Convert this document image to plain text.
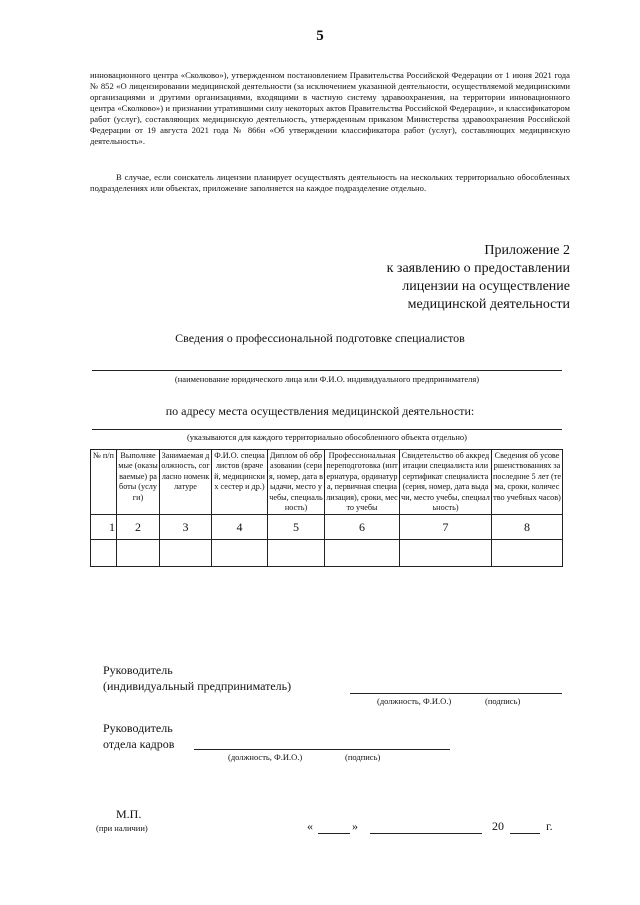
5
инновационного центра «Сколково»), утвержденном постановлением Правительства Российской Федерации от 1 июня 2021 года № 852 «О лицензировании медицинской деятельности (за исключением указанной деятельности, осуществляемой медицинскими организациями и другими организациями, входящими в частную систему здравоохранения, на территории инновационного центра «Сколково») и признании утратившими силу некоторых актов Правительства Российской Федерации», и классификатором работ (услуг), составляющих медицинскую деятельность, утвержденным приказом Министерства здравоохранения Российской Федерации от 19 августа 2021 года № 866н «Об утверждении классификатора работ (услуг), составляющих медицинскую деятельность».
В случае, если соискатель лицензии планирует осуществлять деятельность на нескольких территориально обособленных подразделениях или объектах, приложение заполняется на каждое подразделение отдельно.
Приложение 2
к заявлению о предоставлении
лицензии на осуществление
медицинской деятельности
Сведения о профессиональной подготовке специалистов
(наименование юридического лица или Ф.И.О. индивидуального предпринимателя)
по адресу места осуществления медицинской деятельности:
(указываются для каждого территориально обособленного объекта отдельно)
№ п/п	Выполняемые (оказываемые) работы (услуги)	Занимаемая должность, согласно номенклатуре	Ф.И.О. специалистов (врачей, медицинских сестер и др.)	Диплом об образовании (серия, номер, дата выдачи, место учебы, специальность)	Профессиональная переподготовка (интернатура, ординатура, первичная специализация), сроки, место учебы	Свидетельство об аккредитации специалиста или сертификат специалиста (серия, номер, дата выдачи, место учебы, специальность)	Сведения об усовершенствованиях за последние 5 лет (тема, сроки, количество учебных часов)
1	2	3	4	5	6	7	8

Руководитель
(индивидуальный предприниматель)
(должность, Ф.И.О.)	(подпись)
Руководитель
отдела кадров
(должность, Ф.И.О.)	(подпись)
М.П.
(при наличии)	«	»	20	г.
